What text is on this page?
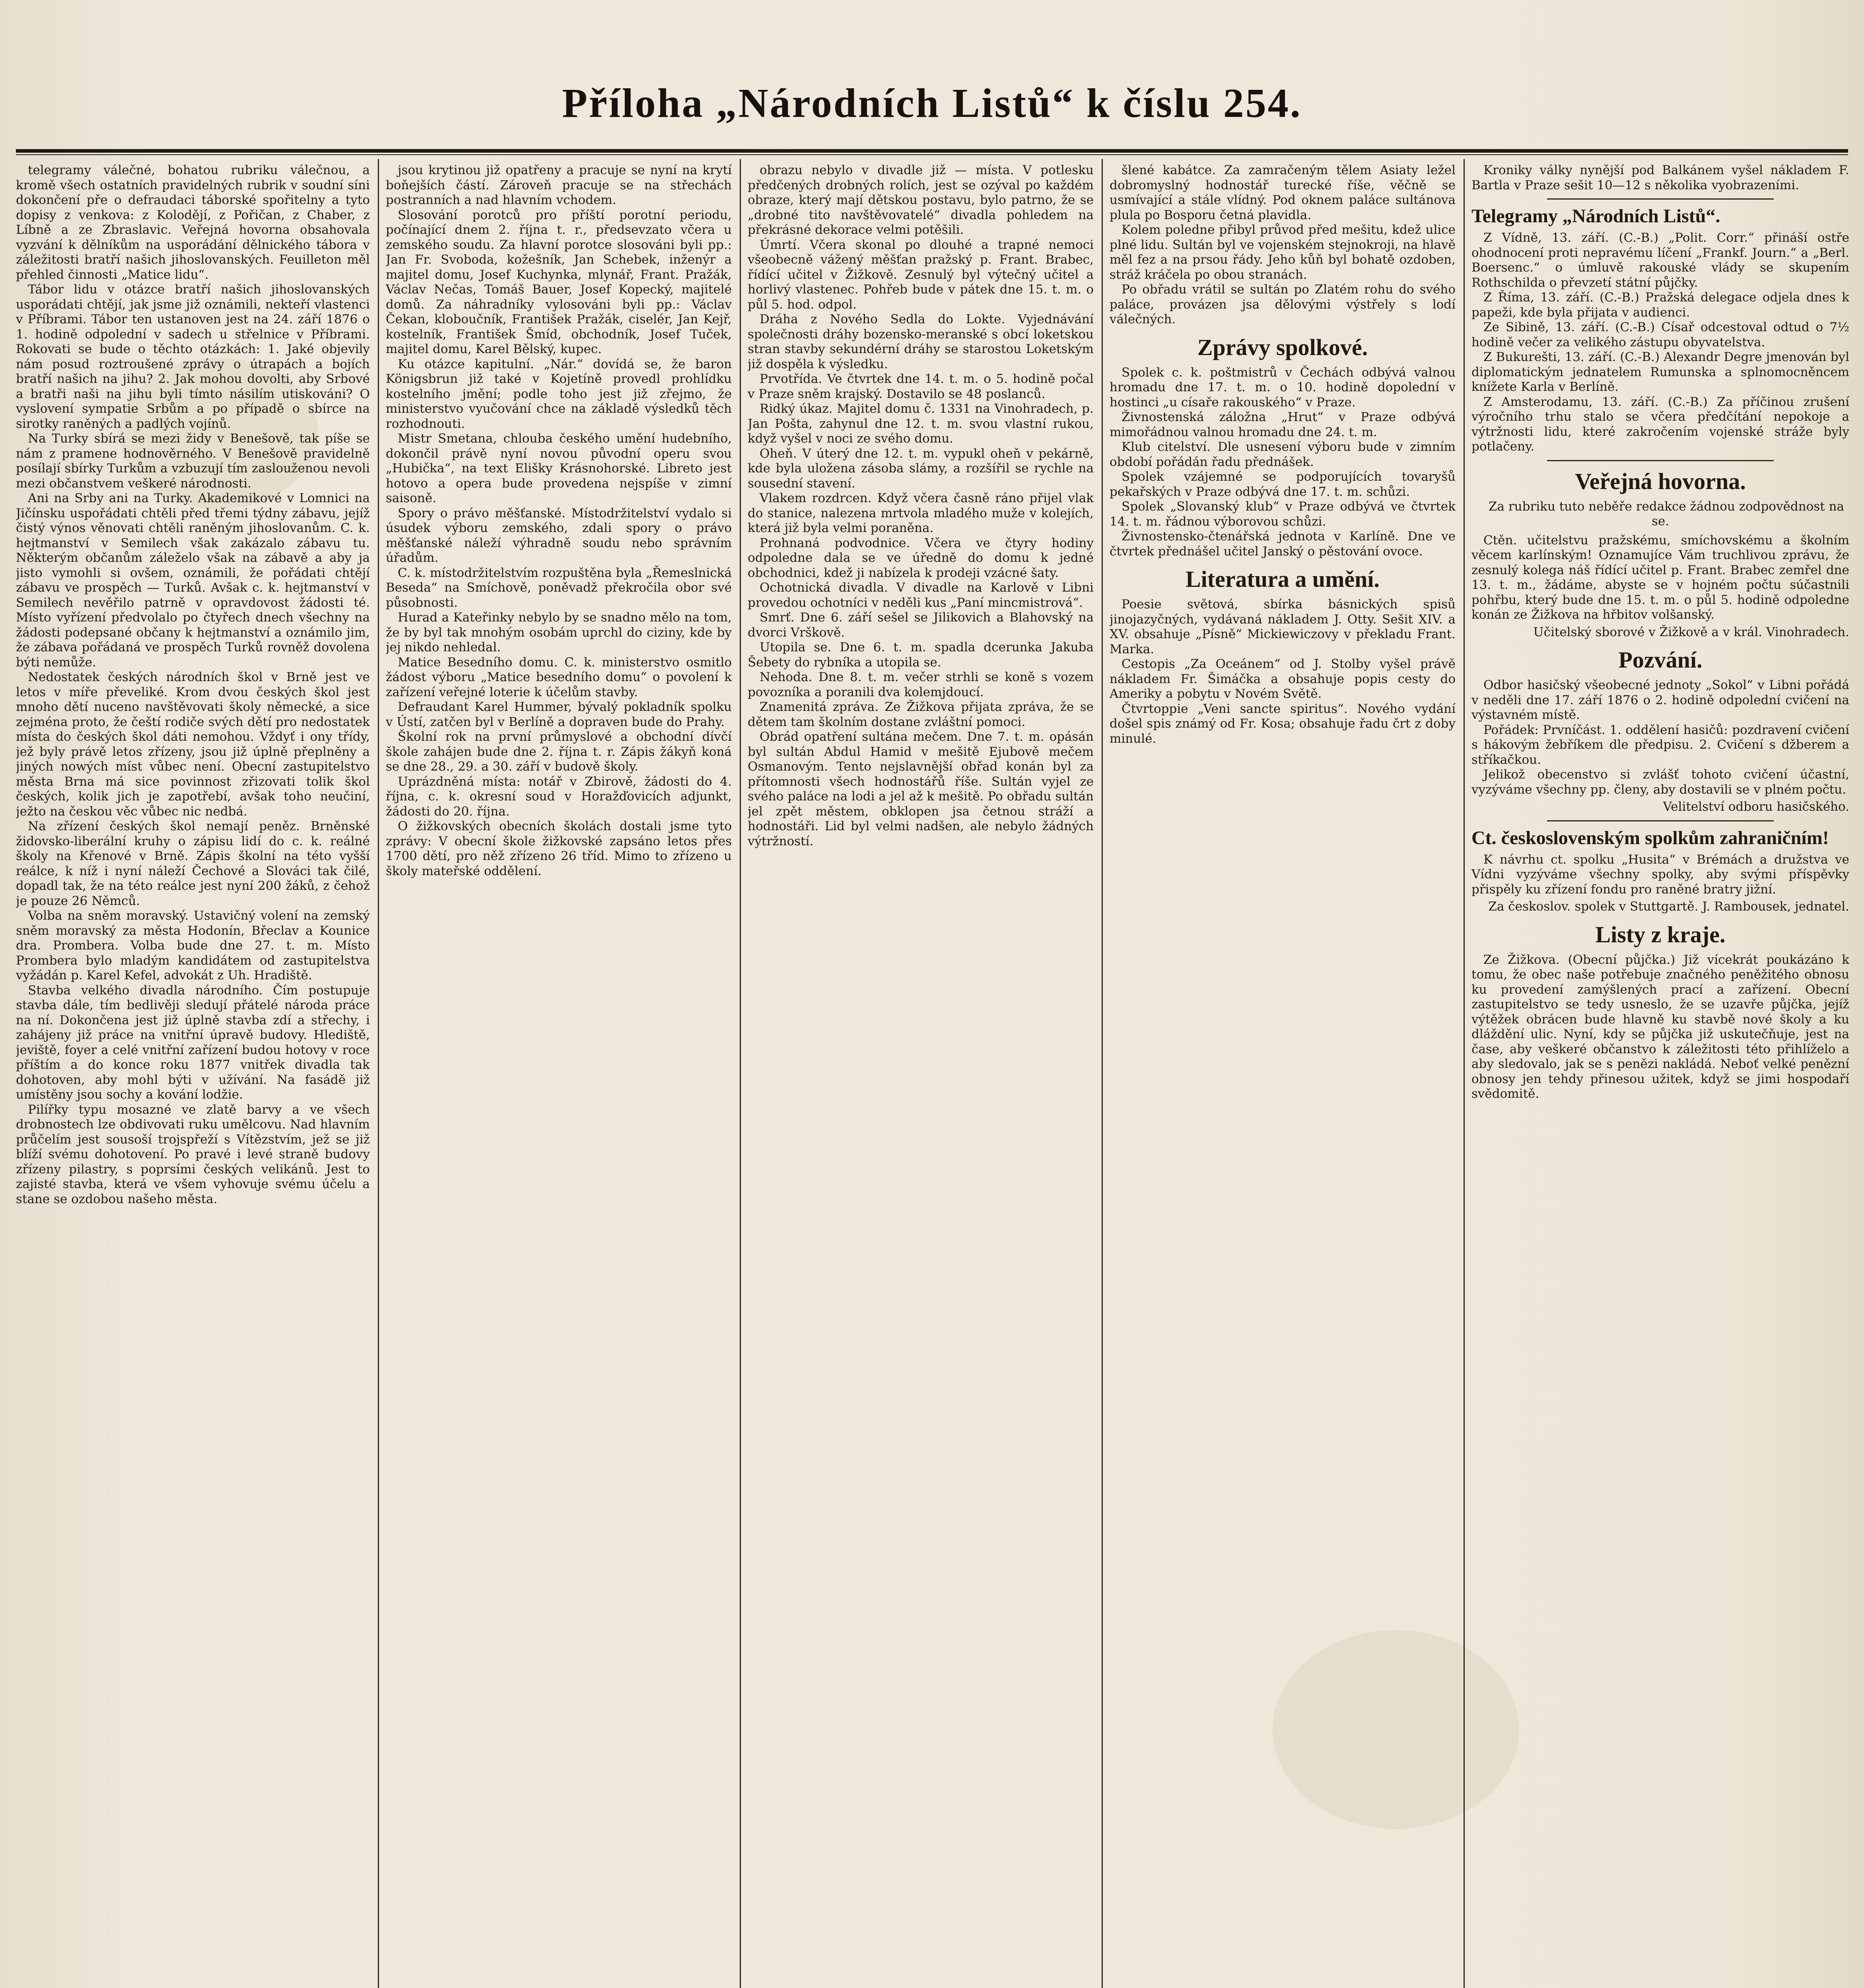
Příloha „Národních Listů“ k číslu 254.

telegramy válečné, bohatou rubriku válečnou, a kromě všech ostatních pravidelných rubrik v soudní síni dokončení pře o defraudaci táborské spořitelny a tyto dopisy z venkova: z Kolodějí, z Pořičan, z Chaber, z Líbně a ze Zbraslavic. Veřejná hovorna obsahovala vyzvání k dělníkům na usporádání dělnického tábora v záležitosti bratří našich jihoslovanských. Feuilleton měl přehled činnosti „Matice lidu“.

Tábor lidu v otázce bratří našich jihoslovanských usporádati chtějí, jak jsme již oznámili, nekteří vlastenci v Příbrami. Tábor ten ustanoven jest na 24. září 1876 o 1. hodině odpolední v sadech u střelnice v Příbrami. Rokovati se bude o těchto otázkách: 1. Jaké objevily nám posud roztroušené zprávy o útrapách a bojích bratří našich na jihu? 2. Jak mohou dovolti, aby Srbové a bratři naši na jihu byli tímto násilím utiskováni? O vyslovení sympatie Srbům a po případě o sbírce na sirotky raněných a padlých vojínů.

Na Turky sbírá se mezi židy v Benešově, tak píše se nám z pramene hodnověrného. V Benešově pravidelně posílají sbírky Turkům a vzbuzují tím zaslouženou nevoli mezi občanstvem veškeré národnosti.

Ani na Srby ani na Turky. Akademikové v Lomnici na Jičínsku uspořádati chtěli před třemi týdny zábavu, jejíž čistý výnos věnovati chtěli raněným jihoslovanům. C. k. hejtmanství v Semilech však zakázalo zábavu tu. Některým občanům záleželo však na zábavě a aby ja jisto vymohli si ovšem, oznámili, že pořádati chtějí zábavu ve prospěch — Turků. Avšak c. k. hejtmanství v Semilech nevěřilo patrně v opravdovost žádosti té. Místo vyřízení předvolalo po čtyřech dnech všechny na žádosti podepsané občany k hejtmanství a oznámilo jim, že zábava pořádaná ve prospěch Turků rovněž dovolena býti nemůže.

Nedostatek českých národních škol v Brně jest ve letos v míře převeliké. Krom dvou českých škol jest mnoho dětí nuceno navštěvovati školy německé, a sice zejména proto, že čeští rodiče svých dětí pro nedostatek místa do českých škol dáti nemohou. Vždyť i ony třídy, jež byly právě letos zřízeny, jsou již úplně přeplněny a jiných nowých míst vůbec není. Obecní zastupitelstvo města Brna má sice povinnost zřizovati tolik škol českých, kolik jich je zapotřebí, avšak toho neučiní, ježto na českou věc vůbec nic nedbá.

Na zřízení českých škol nemají peněz. Brněnské židovsko-liberální kruhy o zápisu lidí do c. k. reálné školy na Křenové v Brně. Zápis školní na této vyšší reálce, k níž i nyní náleží Čechové a Slováci tak čilé, dopadl tak, že na této reálce jest nyní 200 žáků, z čehož je pouze 26 Němců.

Volba na sněm moravský. Ustavičný volení na zemský sněm moravský za města Hodonín, Břeclav a Kounice dra. Prombera. Volba bude dne 27. t. m. Místo Prombera bylo mladým kandidátem od zastupitelstva vyžádán p. Karel Kefel, advokát z Uh. Hradiště.

Stavba velkého divadla národního. Čím postupuje stavba dále, tím bedlivěji sledují přátelé národa práce na ní. Dokončena jest již úplně stavba zdí a střechy, i zahájeny již práce na vnitřní úpravě budovy. Hlediště, jeviště, foyer a celé vnitřní zařízení budou hotovy v roce příštím a do konce roku 1877 vnitřek divadla tak dohotoven, aby mohl býti v užívání. Na fasádě již umístěny jsou sochy a kování lodžie.

Pilířky typu mosazné ve zlatě barvy a ve všech drobnostech lze obdivovati ruku umělcovu. Nad hlavním průčelím jest sousoší trojspřeží s Vítězstvím, jež se již blíží svému dohotovení. Po pravé i levé straně budovy zřízeny pilastry, s poprsími českých velikánů. Jest to zajisté stavba, která ve všem vyhovuje svému účelu a stane se ozdobou našeho města.

jsou krytinou již opatřeny a pracuje se nyní na krytí boňejších částí. Zároveň pracuje se na střechách postranních a nad hlavním vchodem.

Slosování porotců pro příští porotní periodu, počínající dnem 2. října t. r., předsevzato včera u zemského soudu. Za hlavní porotce slosováni byli pp.: Jan Fr. Svoboda, kožešník, Jan Schebek, inženýr a majitel domu, Josef Kuchynka, mlynář, Frant. Pražák, Václav Nečas, Tomáš Bauer, Josef Kopecký, majitelé domů. Za náhradníky vylosováni byli pp.: Václav Čekan, kloboučník, František Pražák, ciselér, Jan Kejř, kostelník, František Šmíd, obchodník, Josef Tuček, majitel domu, Karel Bělský, kupec.

Ku otázce kapitulní. „Nár.“ dovídá se, že baron Königsbrun již také v Kojetíně provedl prohlídku kostelního jmění; podle toho jest již zřejmo, že ministerstvo vyučování chce na základě výsledků těch rozhodnouti.

Mistr Smetana, chlouba českého umění hudebního, dokončil právě nyní novou původní operu svou „Hubička“, na text Elišky Krásnohorské. Libreto jest hotovo a opera bude provedena nejspíše v zimní saisoně.

Spory o právo měšťanské. Místodržitelství vydalo si úsudek výboru zemského, zdali spory o právo měšťanské náleží výhradně soudu nebo správním úřadům.

C. k. místodržitelstvím rozpuštěna byla „Řemeslnická Beseda“ na Smíchově, poněvadž překročila obor své působnosti.

Hurad a Kateřinky nebylo by se snadno mělo na tom, že by byl tak mnohým osobám uprchl do ciziny, kde by jej nikdo nehledal.

Matice Besedního domu. C. k. ministerstvo osmitlo žádost výboru „Matice besedního domu“ o povolení k zařízení veřejné loterie k účelům stavby.

Defraudant Karel Hummer, bývalý pokladník spolku v Ústí, zatčen byl v Berlíně a dopraven bude do Prahy.

Školní rok na první průmyslové a obchodní dívčí škole zahájen bude dne 2. října t. r. Zápis žákyň koná se dne 28., 29. a 30. září v budově školy.

Uprázdněná místa: notář v Zbirově, žádosti do 4. října, c. k. okresní soud v Horažďovicích adjunkt, žádosti do 20. října.

O žižkovských obecních školách dostali jsme tyto zprávy: V obecní škole žižkovské zapsáno letos přes 1700 dětí, pro něž zřízeno 26 tříd. Mimo to zřízeno u školy mateřské oddělení.

obrazu nebylo v divadle již — místa. V potlesku předčených drobných rolích, jest se ozýval po každém obraze, který mají dětskou postavu, bylo patrno, že se „drobné tito navštěvovatelé“ divadla pohledem na překrásné dekorace velmi potěšili.

Úmrtí. Včera skonal po dlouhé a trapné nemoci všeobecně vážený měšťan pražský p. Frant. Brabec, řídící učitel v Žižkově. Zesnulý byl výtečný učitel a horlivý vlastenec. Pohřeb bude v pátek dne 15. t. m. o půl 5. hod. odpol.

Dráha z Nového Sedla do Lokte. Vyjednávání společnosti dráhy bozensko-meranské s obcí loketskou stran stavby sekundérní dráhy se starostou Loketským již dospěla k výsledku.

Prvotřída. Ve čtvrtek dne 14. t. m. o 5. hodině počal v Praze sněm krajský. Dostavilo se 48 poslanců.

Ridký úkaz. Majitel domu č. 1331 na Vinohradech, p. Jan Pošta, zahynul dne 12. t. m. svou vlastní rukou, když vyšel v noci ze svého domu.

Oheň. V úterý dne 12. t. m. vypukl oheň v pekárně, kde byla uložena zásoba slámy, a rozšířil se rychle na sousední stavení.

Vlakem rozdrcen. Když včera časně ráno přijel vlak do stanice, nalezena mrtvola mladého muže v kolejích, která již byla velmi poraněna.

Prohnaná podvodnice. Včera ve čtyry hodiny odpoledne dala se ve úředně do domu k jedné obchodnici, kdež ji nabízela k prodeji vzácné šaty.

Ochotnická divadla. V divadle na Karlově v Libni provedou ochotníci v neděli kus „Paní mincmistrová“.

Smrť. Dne 6. září sešel se Jilikovich a Blahovský na dvorci Vrškově.

Utopila se. Dne 6. t. m. spadla dcerunka Jakuba Šebety do rybníka a utopila se.

Nehoda. Dne 8. t. m. večer strhli se koně s vozem povozníka a poranili dva kolemjdoucí.

Znamenitá zpráva. Ze Žižkova přijata zpráva, že se dětem tam školním dostane zvláštní pomoci.

Obrád opatření sultána mečem. Dne 7. t. m. opásán byl sultán Abdul Hamid v mešitě Ejubově mečem Osmanovým. Tento nejslavnější obřad konán byl za přítomnosti všech hodnostářů říše. Sultán vyjel ze svého paláce na lodi a jel až k mešitě. Po obřadu sultán jel zpět městem, obklopen jsa četnou stráží a hodnostáři. Lid byl velmi nadšen, ale nebylo žádných výtržností.

šlené kabátce. Za zamračeným tělem Asiaty ležel dobromyslný hodnostář turecké říše, věčně se usmívající a stále vlídný. Pod oknem paláce sultánova plula po Bosporu četná plavidla.

Kolem poledne přibyl průvod před mešitu, kdež ulice plné lidu. Sultán byl ve vojenském stejnokroji, na hlavě měl fez a na prsou řády. Jeho kůň byl bohatě ozdoben, stráž kráčela po obou stranách.

Po obřadu vrátil se sultán po Zlatém rohu do svého paláce, provázen jsa dělovými výstřely s lodí válečných.

Zprávy spolkové.

Spolek c. k. poštmistrů v Čechách odbývá valnou hromadu dne 17. t. m. o 10. hodině dopolední v hostinci „u císaře rakouského“ v Praze.

Živnostenská záložna „Hrut“ v Praze odbývá mimořádnou valnou hromadu dne 24. t. m.

Klub citelství. Dle usnesení výboru bude v zimním období pořádán řadu přednášek.

Spolek vzájemné se podporujících tovaryšů pekařských v Praze odbývá dne 17. t. m. schůzi.

Spolek „Slovanský klub“ v Praze odbývá ve čtvrtek 14. t. m. řádnou výborovou schůzi.

Živnostensko-čtenářská jednota v Karlíně. Dne ve čtvrtek přednášel učitel Janský o pěstování ovoce.

Literatura a umění.

Poesie světová, sbírka básnických spisů jinojazyčných, vydávaná nákladem J. Otty. Sešit XIV. a XV. obsahuje „Písně“ Mickiewiczovy v překladu Frant. Marka.

Cestopis „Za Oceánem“ od J. Stolby vyšel právě nákladem Fr. Šimáčka a obsahuje popis cesty do Ameriky a pobytu v Novém Světě.

Čtvrtoppie „Veni sancte spiritus“. Nového vydání došel spis známý od Fr. Kosa; obsahuje řadu črt z doby minulé.

Kroniky války nynější pod Balkánem vyšel nákladem F. Bartla v Praze sešit 10—12 s několika vyobrazeními.

Telegramy „Národních Listů“.

Z Vídně, 13. září. (C.-B.) „Polit. Corr.“ přináší ostře ohodnocení proti nepravému líčení „Frankf. Journ.“ a „Berl. Boersenc.“ o úmluvě rakouské vlády se skupením Rothschilda o převzetí státní půjčky.

Z Říma, 13. září. (C.-B.) Pražská delegace odjela dnes k papeži, kde byla přijata v audienci.

Ze Sibině, 13. září. (C.-B.) Císař odcestoval odtud o 7½ hodině večer za velikého zástupu obyvatelstva.

Z Bukurešti, 13. září. (C.-B.) Alexandr Degre jmenován byl diplomatickým jednatelem Rumunska a splnomocněncem knížete Karla v Berlíně.

Z Amsterodamu, 13. září. (C.-B.) Za příčinou zrušení výročního trhu stalo se včera předčítání nepokoje a výtržnosti lidu, které zakročením vojenské stráže byly potlačeny.

Veřejná hovorna.

Za rubriku tuto neběře redakce žádnou zodpovědnost na se.

Ctěn. učitelstvu pražskému, smíchovskému a školním věcem karlínským! Oznamujíce Vám truchlivou zprávu, že zesnulý kolega náš řídící učitel p. Frant. Brabec zemřel dne 13. t. m., žádáme, abyste se v hojném počtu súčastnili pohřbu, který bude dne 15. t. m. o půl 5. hodině odpoledne konán ze Žižkova na hřbitov volšanský.

Učitelský sborové v Žižkově a v král. Vinohradech.

Pozvání.

Odbor hasičský všeobecné jednoty „Sokol“ v Libni pořádá v neděli dne 17. září 1876 o 2. hodině odpolední cvičení na výstavném místě.

Pořádek: Prvníčást. 1. oddělení hasičů: pozdravení cvičení s hákovým žebříkem dle předpisu. 2. Cvičení s džberem a stříkačkou.

Jelikož obecenstvo si zvlášť tohoto cvičení účastní, vyzýváme všechny pp. členy, aby dostavili se v plném počtu.

Velitelství odboru hasičského.

Ct. československým spolkům zahraničním!

K návrhu ct. spolku „Husita“ v Brémách a družstva ve Vídni vyzýváme všechny spolky, aby svými příspěvky přispěly ku zřízení fondu pro raněné bratry jižní.

Za českoslov. spolek v Stuttgartě. J. Rambousek, jednatel.

Listy z kraje.

Ze Žižkova. (Obecní půjčka.) Již vícekrát poukázáno k tomu, že obec naše potřebuje značného peněžitého obnosu ku provedení zamýšlených prací a zařízení. Obecní zastupitelstvo se tedy usneslo, že se uzavře půjčka, jejíž výtěžek obrácen bude hlavně ku stavbě nové školy a ku dláždění ulic. Nyní, kdy se půjčka již uskutečňuje, jest na čase, aby veškeré občanstvo k záležitosti této přihlíželo a aby sledovalo, jak se s penězi nakládá. Neboť velké penězní obnosy jen tehdy přinesou užitek, když se jimi hospodaří svědomitě.
